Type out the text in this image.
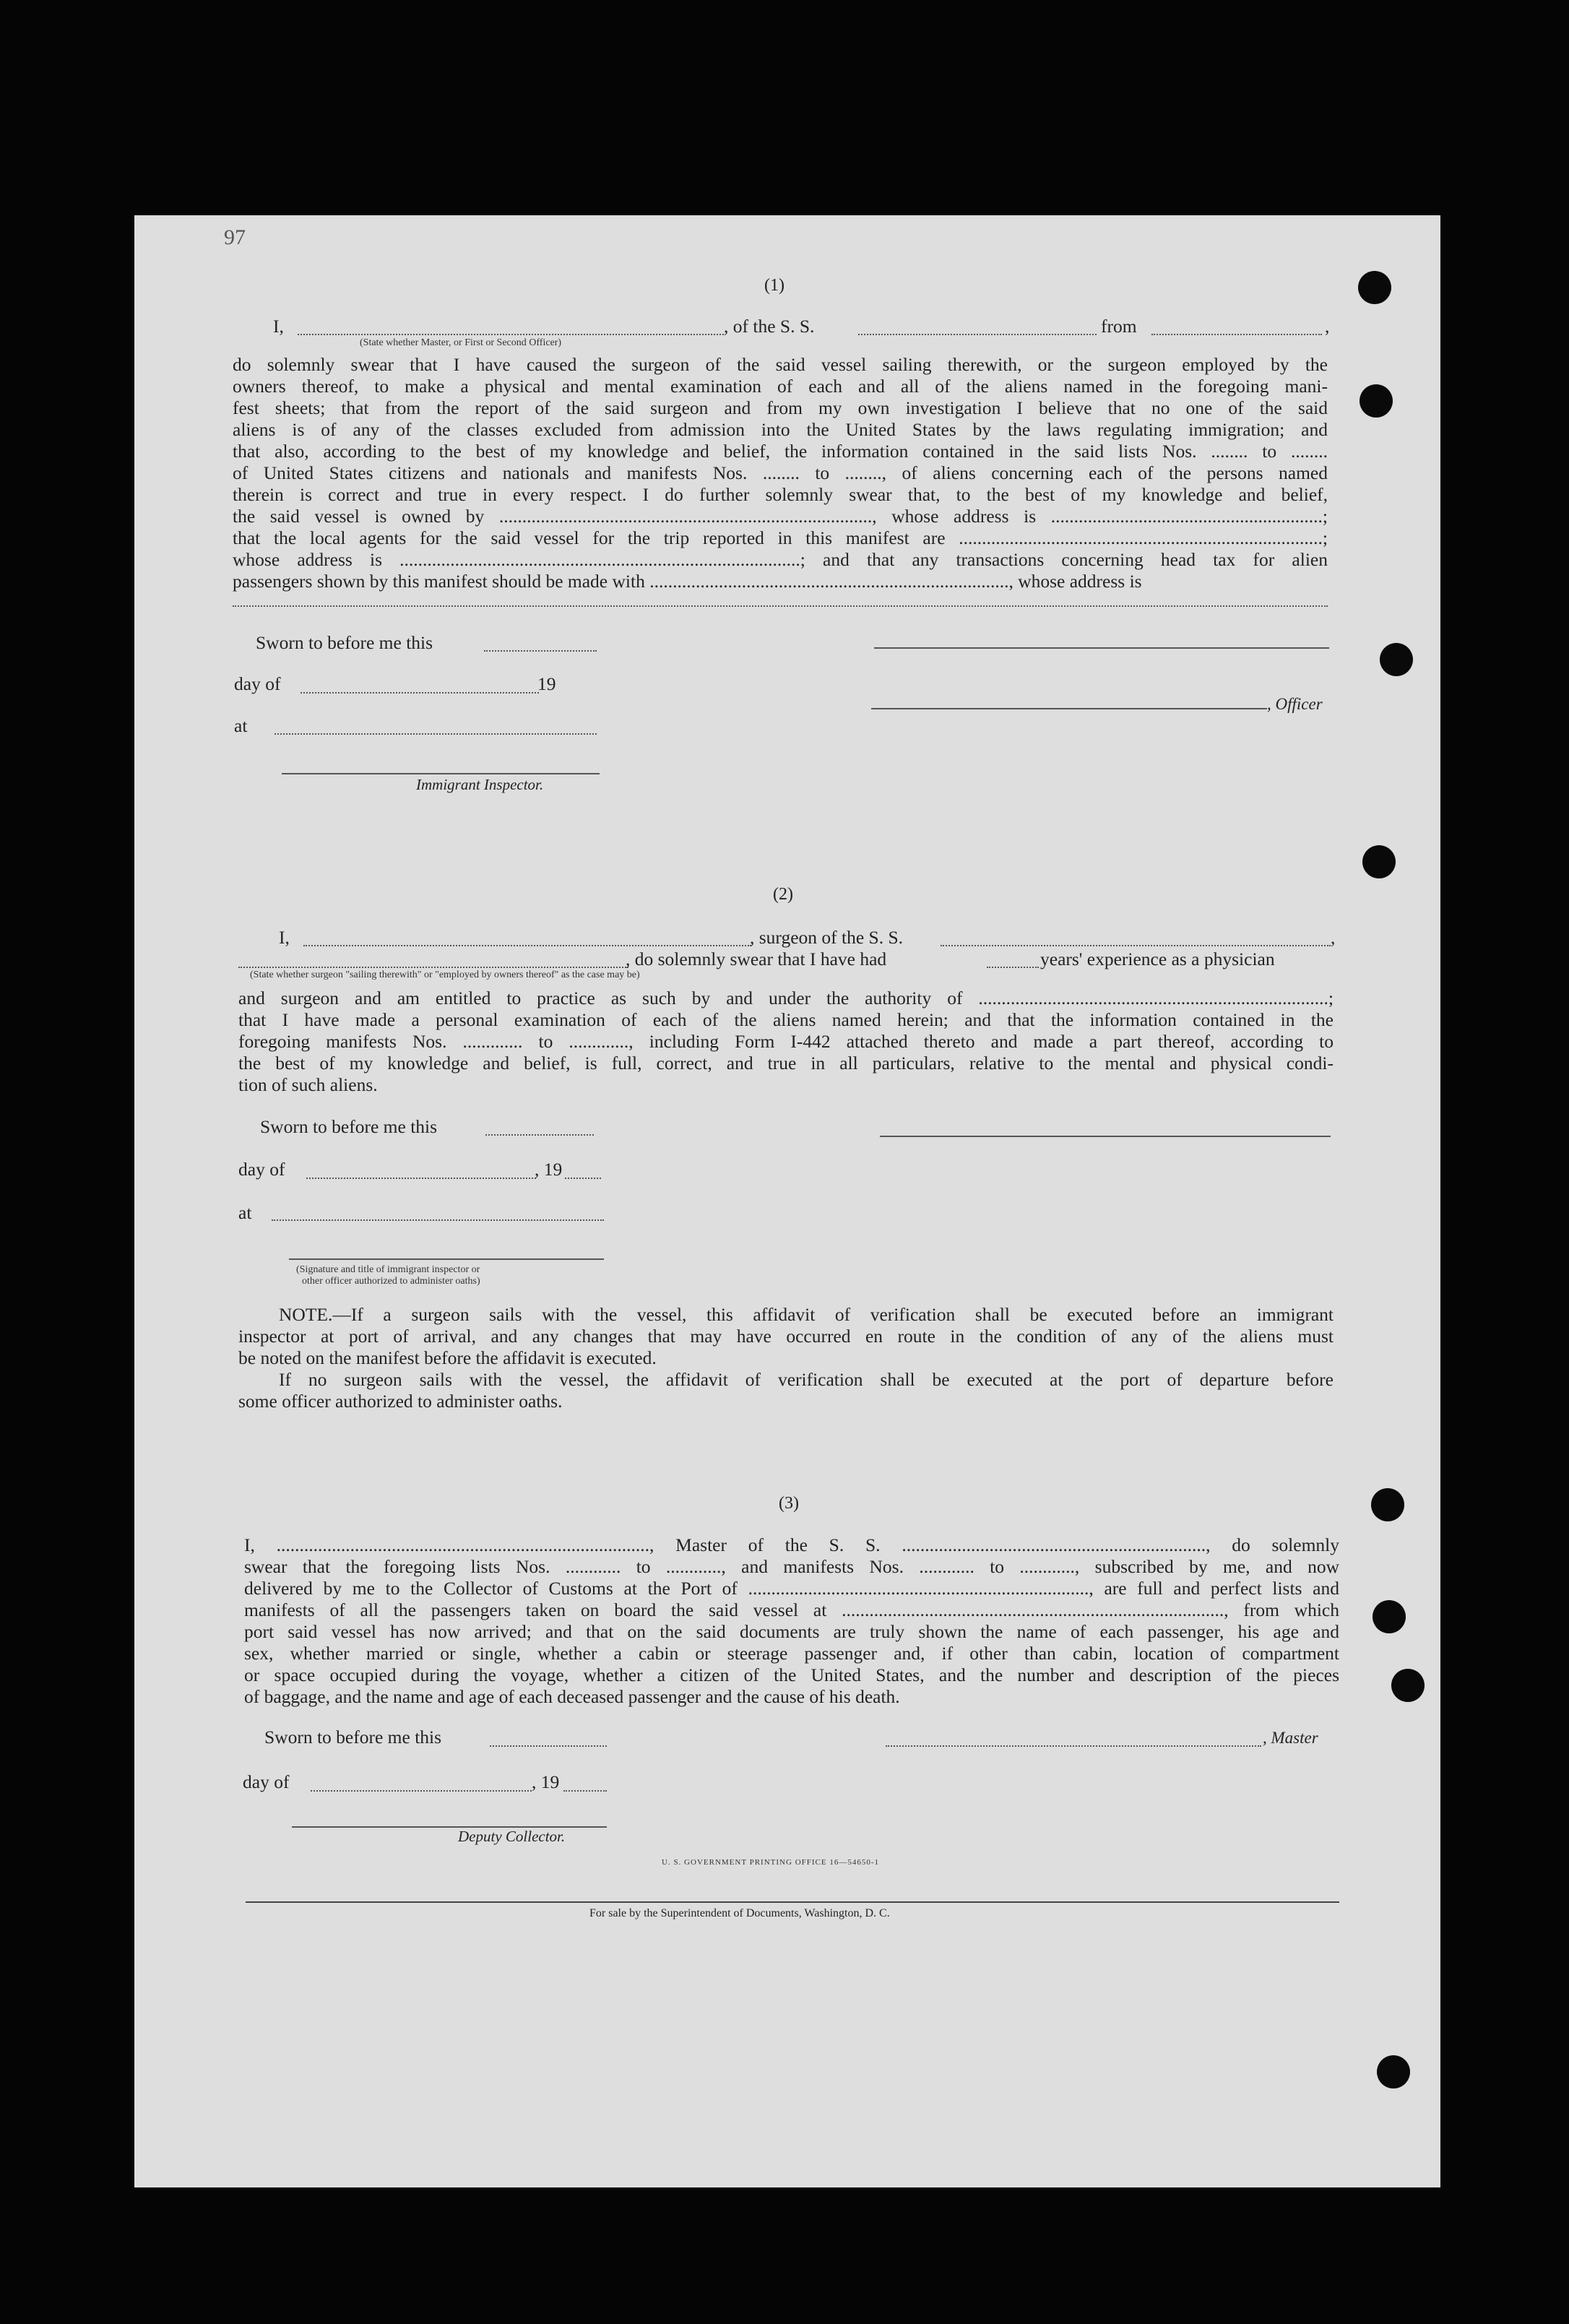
97
(1)
I,	, of the S. S.	from	,
(State whether Master, or First or Second Officer)
do solemnly swear that I have caused the surgeon of the said vessel sailing therewith, or the surgeon employed by the
owners thereof, to make a physical and mental examination of each and all of the aliens named in the foregoing mani-
fest sheets; that from the report of the said surgeon and from my own investigation I believe that no one of the said
aliens is of any of the classes excluded from admission into the United States by the laws regulating immigration; and
that also, according to the best of my knowledge and belief, the information contained in the said lists Nos. ........ to ........
of United States citizens and nationals and manifests Nos. ........ to ........, of aliens concerning each of the persons named
therein is correct and true in every respect. I do further solemnly swear that, to the best of my knowledge and belief,
the said vessel is owned by ................................................................................., whose address is ...........................................................;
that the local agents for the said vessel for the trip reported in this manifest are ...............................................................................;
whose address is .......................................................................................; and that any transactions concerning head tax for alien
passengers shown by this manifest should be made with .............................................................................., whose address is
Sworn to before me this
day of	19
, Officer
at
Immigrant Inspector.
(2)
I,	, surgeon of the S. S.	,
, do solemnly swear that I have had	years' experience as a physician
(State whether surgeon "sailing therewith" or "employed by owners thereof" as the case may be)
and surgeon and am entitled to practice as such by and under the authority of ............................................................................;
that I have made a personal examination of each of the aliens named herein; and that the information contained in the
foregoing manifests Nos. ............. to ............., including Form I-442 attached thereto and made a part thereof, according to
the best of my knowledge and belief, is full, correct, and true in all particulars, relative to the mental and physical condi-
tion of such aliens.
Sworn to before me this
day of	, 19
at
(Signature and title of immigrant inspector or
other officer authorized to administer oaths)
NOTE.—If a surgeon sails with the vessel, this affidavit of verification shall be executed before an immigrant
inspector at port of arrival, and any changes that may have occurred en route in the condition of any of the aliens must
be noted on the manifest before the affidavit is executed.
If no surgeon sails with the vessel, the affidavit of verification shall be executed at the port of departure before
some officer authorized to administer oaths.
(3)
I, ................................................................................., Master of the S. S. .................................................................., do solemnly
swear that the foregoing lists Nos. ............ to ............, and manifests Nos. ............ to ............, subscribed by me, and now
delivered by me to the Collector of Customs at the Port of .........................................................................., are full and perfect lists and
manifests of all the passengers taken on board the said vessel at ..................................................................................., from which
port said vessel has now arrived; and that on the said documents are truly shown the name of each passenger, his age and
sex, whether married or single, whether a cabin or steerage passenger and, if other than cabin, location of compartment
or space occupied during the voyage, whether a citizen of the United States, and the number and description of the pieces
of baggage, and the name and age of each deceased passenger and the cause of his death.
Sworn to before me this	, Master
day of	, 19
Deputy Collector.
U. S. GOVERNMENT PRINTING OFFICE 16—54650-1
For sale by the Superintendent of Documents, Washington, D. C.
